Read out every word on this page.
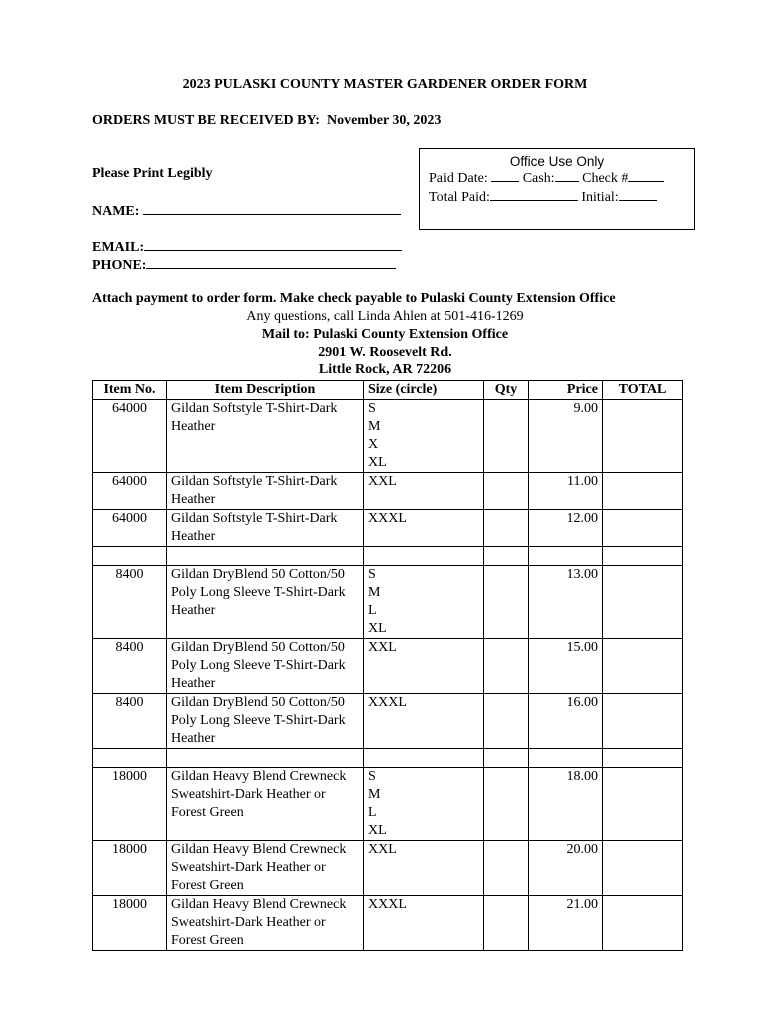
2023 PULASKI COUNTY MASTER GARDENER ORDER FORM
ORDERS MUST BE RECEIVED BY: November 30, 2023
Office Use Only
Paid Date:	Cash: Check #
Total Paid:	Initial:
Please Print Legibly
NAME:
EMAIL:
PHONE:
Attach payment to order form. Make check payable to Pulaski County Extension Office
Any questions, call Linda Ahlen at 501-416-1269
Mail to: Pulaski County Extension Office
2901 W. Roosevelt Rd.
Little Rock, AR 72206
Item No.	Item Description	Size (circle)	Qty	Price	TOTAL
64000	Gildan Softstyle T-Shirt-Dark Heather	S
M
X
XL		9.00	
64000	Gildan Softstyle T-Shirt-Dark Heather	XXL		11.00	
64000	Gildan Softstyle T-Shirt-Dark Heather	XXXL		12.00	

8400	Gildan DryBlend 50 Cotton/50 Poly Long Sleeve T-Shirt-Dark Heather	S
M
L
XL		13.00	
8400	Gildan DryBlend 50 Cotton/50 Poly Long Sleeve T-Shirt-Dark Heather	XXL		15.00	
8400	Gildan DryBlend 50 Cotton/50 Poly Long Sleeve T-Shirt-Dark Heather	XXXL		16.00	

18000	Gildan Heavy Blend Crewneck Sweatshirt-Dark Heather or Forest Green	S
M
L
XL		18.00	
18000	Gildan Heavy Blend Crewneck Sweatshirt-Dark Heather or Forest Green	XXL		20.00	
18000	Gildan Heavy Blend Crewneck Sweatshirt-Dark Heather or Forest Green	XXXL		21.00	
